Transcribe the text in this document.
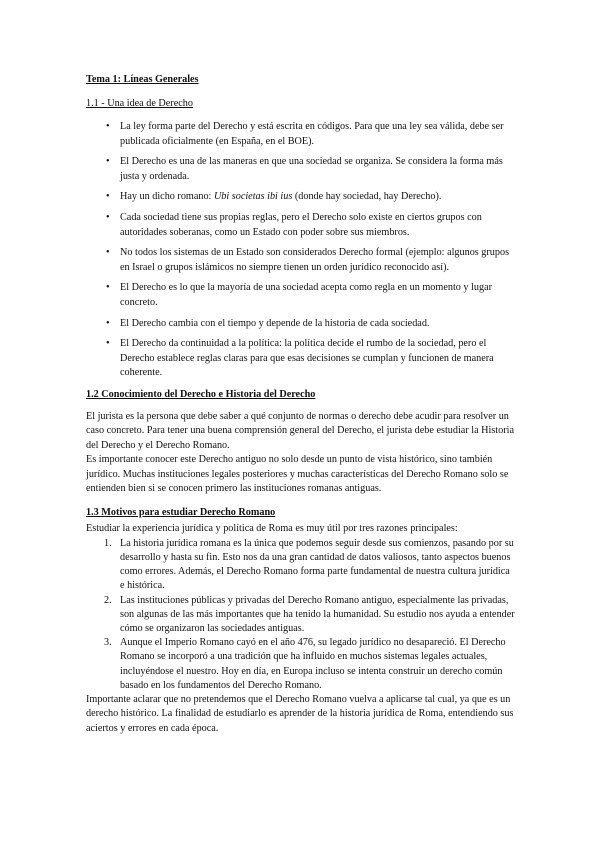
Tema 1: Líneas Generales
1.1 - Una idea de Derecho
• La ley forma parte del Derecho y está escrita en códigos. Para que una ley sea válida, debe ser publicada oficialmente (en España, en el BOE).
• El Derecho es una de las maneras en que una sociedad se organiza. Se considera la forma más justa y ordenada.
• Hay un dicho romano: Ubi societas ibi ius (donde hay sociedad, hay Derecho).
• Cada sociedad tiene sus propias reglas, pero el Derecho solo existe en ciertos grupos con autoridades soberanas, como un Estado con poder sobre sus miembros.
• No todos los sistemas de un Estado son considerados Derecho formal (ejemplo: algunos grupos en Israel o grupos islámicos no siempre tienen un orden jurídico reconocido así).
• El Derecho es lo que la mayoría de una sociedad acepta como regla en un momento y lugar concreto.
• El Derecho cambia con el tiempo y depende de la historia de cada sociedad.
• El Derecho da continuidad a la política: la política decide el rumbo de la sociedad, pero el Derecho establece reglas claras para que esas decisiones se cumplan y funcionen de manera coherente.
1.2 Conocimiento del Derecho e Historia del Derecho

El jurista es la persona que debe saber a qué conjunto de normas o derecho debe acudir para resolver un caso concreto. Para tener una buena comprensión general del Derecho, el jurista debe estudiar la Historia del Derecho y el Derecho Romano.

Es importante conocer este Derecho antiguo no solo desde un punto de vista histórico, sino también jurídico. Muchas instituciones legales posteriores y muchas características del Derecho Romano solo se entienden bien si se conocen primero las instituciones romanas antiguas.

1.3 Motivos para estudiar Derecho Romano

Estudiar la experiencia jurídica y política de Roma es muy útil por tres razones principales:

1. La historia jurídica romana es la única que podemos seguir desde sus comienzos, pasando por su desarrollo y hasta su fin. Esto nos da una gran cantidad de datos valiosos, tanto aspectos buenos como errores. Además, el Derecho Romano forma parte fundamental de nuestra cultura jurídica e histórica.
2. Las instituciones públicas y privadas del Derecho Romano antiguo, especialmente las privadas, son algunas de las más importantes que ha tenido la humanidad. Su estudio nos ayuda a entender cómo se organizaron las sociedades antiguas.
3. Aunque el Imperio Romano cayó en el año 476, su legado jurídico no desapareció. El Derecho Romano se incorporó a una tradición que ha influido en muchos sistemas legales actuales, incluyéndose el nuestro. Hoy en día, en Europa incluso se intenta construir un derecho común basado en los fundamentos del Derecho Romano.

Importante aclarar que no pretendemos que el Derecho Romano vuelva a aplicarse tal cual, ya que es un derecho histórico. La finalidad de estudiarlo es aprender de la historia jurídica de Roma, entendiendo sus aciertos y errores en cada época.
